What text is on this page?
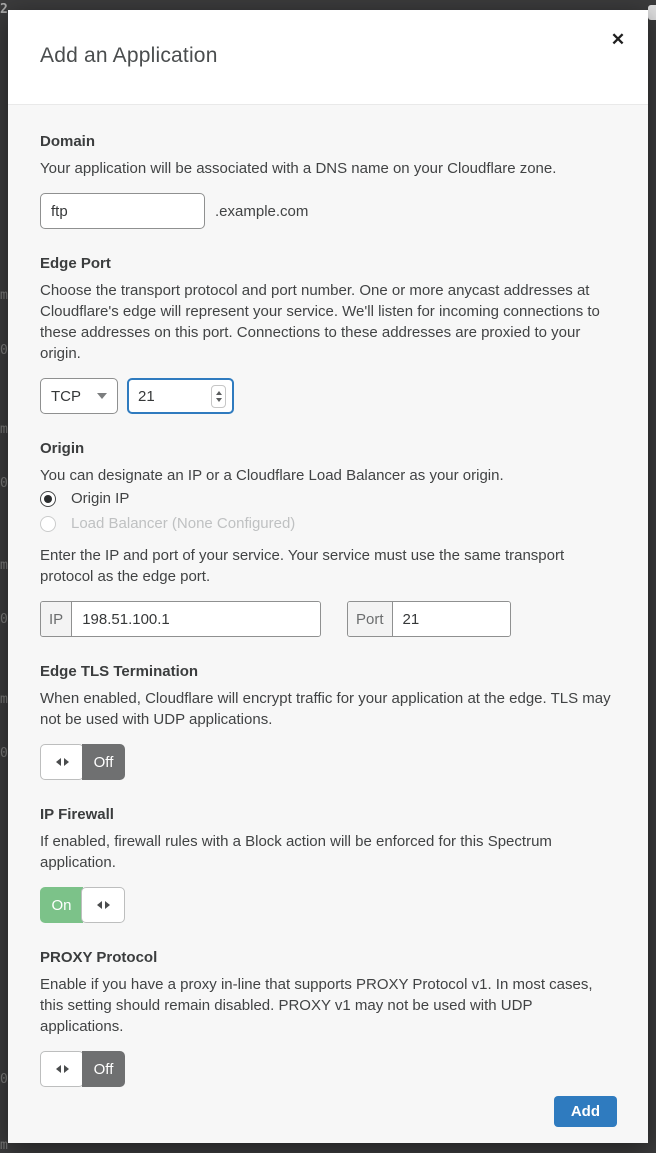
2
m
0
m
0
m
0
m
0
0
m
Add an Application
✕
Domain
Your application will be associated with a DNS name on your Cloudflare zone.
ftp
.example.com
Edge Port
Choose the transport protocol and port number. One or more anycast addresses at Cloudflare's edge will represent your service. We'll listen for incoming connections to these addresses on this port. Connections to these addresses are proxied to your origin.
TCP	21
Origin
You can designate an IP or a Cloudflare Load Balancer as your origin.
Origin IP
Load Balancer (None Configured)
Enter the IP and port of your service. Your service must use the same transport protocol as the edge port.
IP
198.51.100.1	Port
21
Edge TLS Termination
When enabled, Cloudflare will encrypt traffic for your application at the edge. TLS may not be used with UDP applications.
Off
IP Firewall
If enabled, firewall rules with a Block action will be enforced for this Spectrum application.
On
PROXY Protocol
Enable if you have a proxy in-line that supports PROXY Protocol v1. In most cases, this setting should remain disabled. PROXY v1 may not be used with UDP applications.
Off
Add
